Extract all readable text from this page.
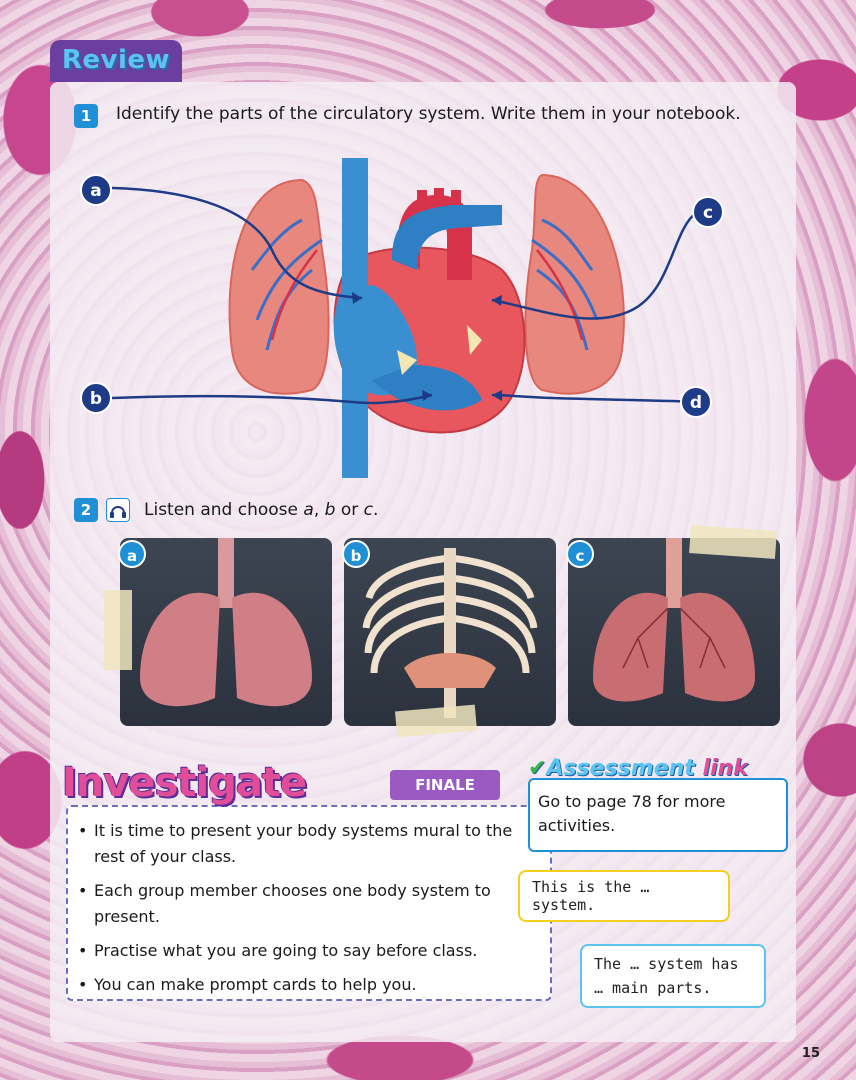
Review
1	Identify the parts of the circulatory system. Write them in your notebook.
a
b
c
d
2	Listen and choose a, b or c.
a	b	c
Investigate	FINALE
• It is time to present your body systems mural to the rest of your class.
• Each group member chooses one body system to present.
• Practise what you are going to say before class.
• You can make prompt cards to help you.
✔Assessment link
Go to page 78 for more activities.
This is the … system.
The … system has … main parts.
15
